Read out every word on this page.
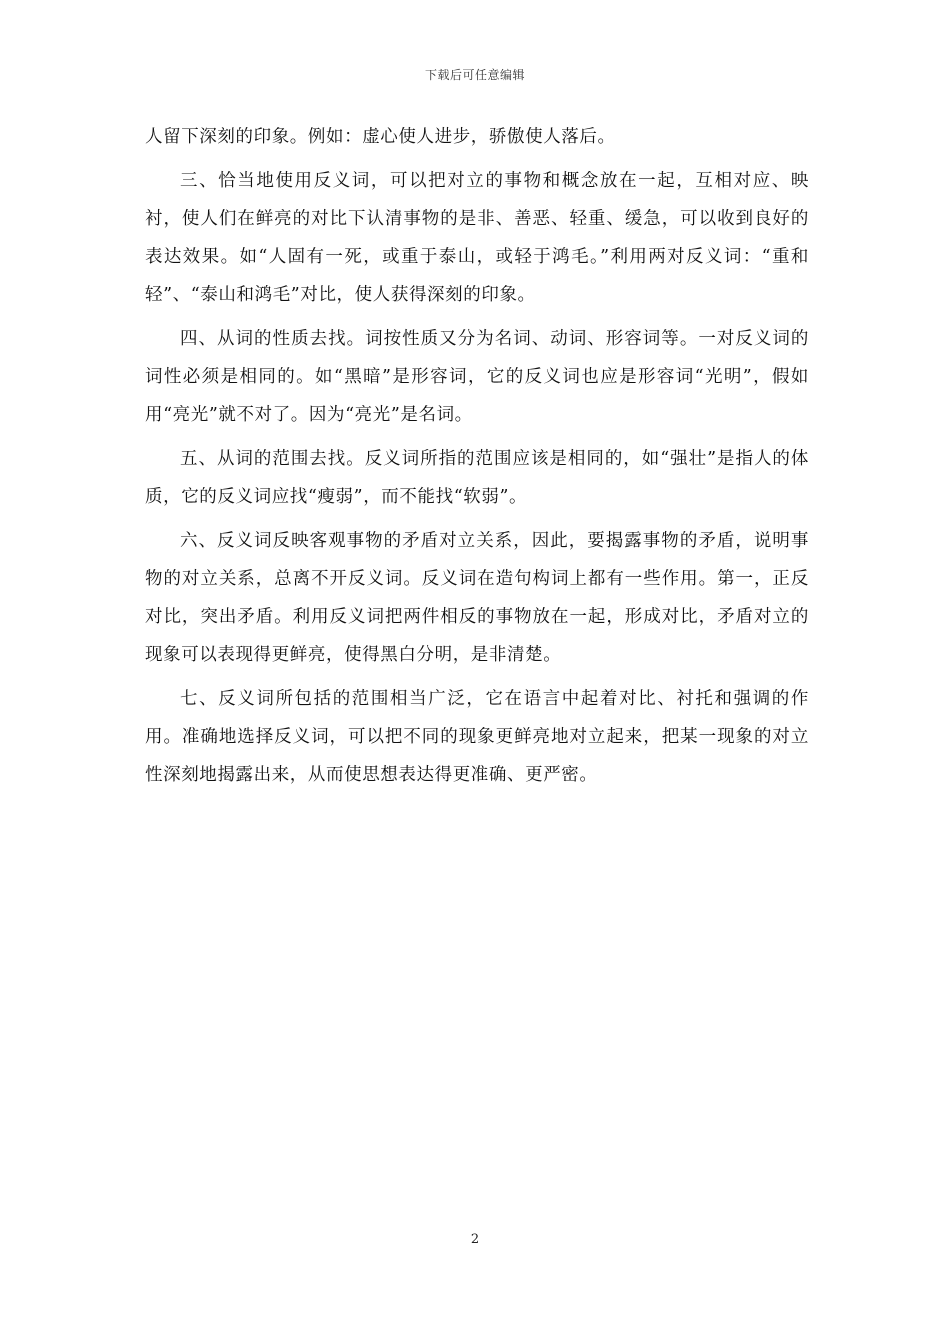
下载后可任意编辑

人留下深刻的印象。例如：虚心使人进步，骄傲使人落后。

三、恰当地使用反义词，可以把对立的事物和概念放在一起，互相对应、映衬，使人们在鲜亮的对比下认清事物的是非、善恶、轻重、缓急，可以收到良好的表达效果。如“人固有一死，或重于泰山，或轻于鸿毛。”利用两对反义词：“重和轻”、“泰山和鸿毛”对比，使人获得深刻的印象。

四、从词的性质去找。词按性质又分为名词、动词、形容词等。一对反义词的词性必须是相同的。如“黑暗”是形容词，它的反义词也应是形容词“光明”，假如用“亮光”就不对了。因为“亮光”是名词。

五、从词的范围去找。反义词所指的范围应该是相同的，如“强壮”是指人的体质，它的反义词应找“瘦弱”，而不能找“软弱”。

六、反义词反映客观事物的矛盾对立关系，因此，要揭露事物的矛盾，说明事物的对立关系，总离不开反义词。反义词在造句构词上都有一些作用。第一，正反对比，突出矛盾。利用反义词把两件相反的事物放在一起，形成对比，矛盾对立的现象可以表现得更鲜亮，使得黑白分明，是非清楚。

七、反义词所包括的范围相当广泛，它在语言中起着对比、衬托和强调的作用。准确地选择反义词，可以把不同的现象更鲜亮地对立起来，把某一现象的对立性深刻地揭露出来，从而使思想表达得更准确、更严密。

2
